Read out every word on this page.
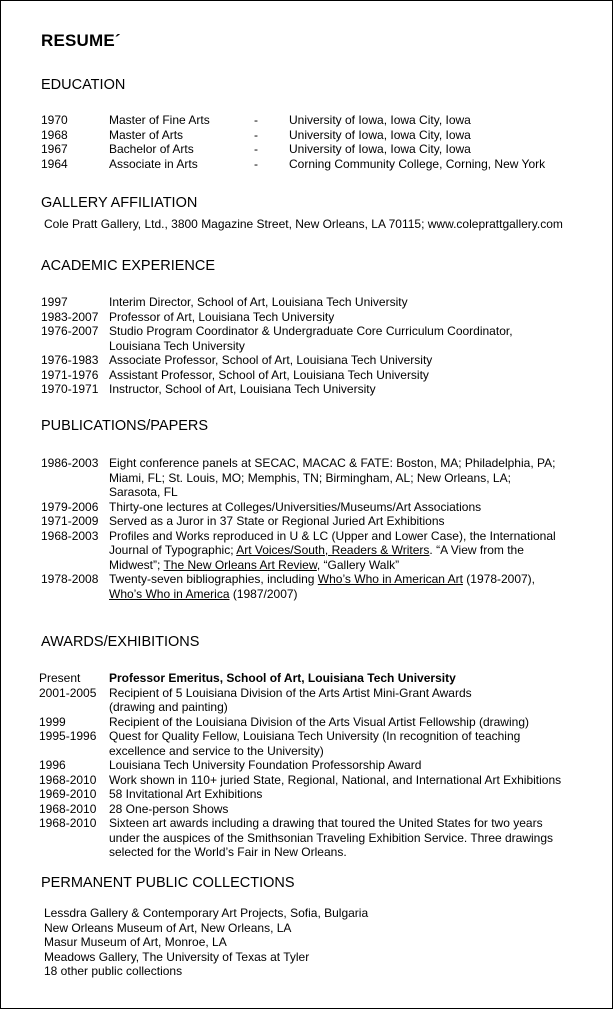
RESUME´
EDUCATION
1970	Master of Fine Arts	-	University of Iowa, Iowa City, Iowa
1968	Master of Arts	-	University of Iowa, Iowa City, Iowa
1967	Bachelor of Arts	-	University of Iowa, Iowa City, Iowa
1964	Associate in Arts	-	Corning Community College, Corning, New York
GALLERY AFFILIATION
Cole Pratt Gallery, Ltd., 3800 Magazine Street, New Orleans, LA 70115; www.coleprattgallery.com
ACADEMIC EXPERIENCE
1997	Interim Director, School of Art, Louisiana Tech University
1983-2007 Professor of Art, Louisiana Tech University
1976-2007 Studio Program Coordinator & Undergraduate Core Curriculum Coordinator,
Louisiana Tech University
1976-1983 Associate Professor, School of Art, Louisiana Tech University
1971-1976 Assistant Professor, School of Art, Louisiana Tech University
1970-1971 Instructor, School of Art, Louisiana Tech University
PUBLICATIONS/PAPERS
1986-2003 Eight conference panels at SECAC, MACAC & FATE: Boston, MA; Philadelphia, PA;
Miami, FL; St. Louis, MO; Memphis, TN; Birmingham, AL; New Orleans, LA;
Sarasota, FL
1979-2006 Thirty-one lectures at Colleges/Universities/Museums/Art Associations
1971-2009 Served as a Juror in 37 State or Regional Juried Art Exhibitions
1968-2003 Profiles and Works reproduced in U & LC (Upper and Lower Case), the International
Journal of Typographic; Art Voices/South, Readers & Writers. “A View from the
Midwest”; The New Orleans Art Review, “Gallery Walk”
1978-2008 Twenty-seven bibliographies, including Who’s Who in American Art (1978-2007),
Who’s Who in America (1987/2007)
AWARDS/EXHIBITIONS
Present	Professor Emeritus, School of Art, Louisiana Tech University
2001-2005	Recipient of 5 Louisiana Division of the Arts Artist Mini-Grant Awards
(drawing and painting)
1999	Recipient of the Louisiana Division of the Arts Visual Artist Fellowship (drawing)
1995-1996	Quest for Quality Fellow, Louisiana Tech University (In recognition of teaching
excellence and service to the University)
1996	Louisiana Tech University Foundation Professorship Award
1968-2010	Work shown in 110+ juried State, Regional, National, and International Art Exhibitions
1969-2010	58 Invitational Art Exhibitions
1968-2010	28 One-person Shows
1968-2010	Sixteen art awards including a drawing that toured the United States for two years
under the auspices of the Smithsonian Traveling Exhibition Service. Three drawings
selected for the World’s Fair in New Orleans.
PERMANENT PUBLIC COLLECTIONS
Lessdra Gallery & Contemporary Art Projects, Sofia, Bulgaria
New Orleans Museum of Art, New Orleans, LA
Masur Museum of Art, Monroe, LA
Meadows Gallery, The University of Texas at Tyler
18 other public collections
